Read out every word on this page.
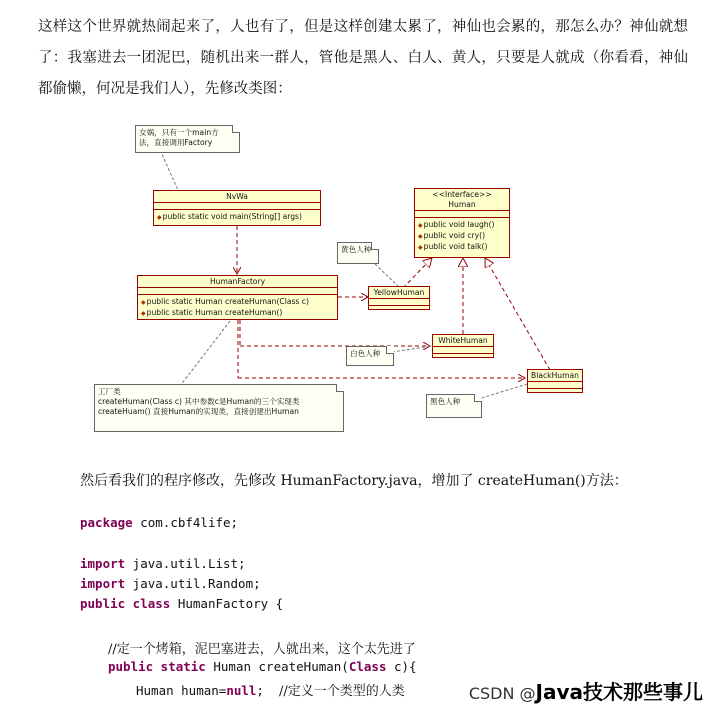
这样这个世界就热闹起来了，人也有了，但是这样创建太累了，神仙也会累的，那怎么办？神仙就想了：我塞进去一团泥巴，随机出来一群人，管他是黑人、白人、黄人，只要是人就成（你看看，神仙都偷懒，何况是我们人），先修改类图：
女娲，只有一个main方
法，直接调用Factory
NvWa
◆ public static void main(String[] args)
<<Interface>>
Human
◆ public void laugh()
◆ public void cry()
◆ public void talk()
HumanFactory
◆ public static Human createHuman(Class c)
◆ public static Human createHuman()
黄色人种
YellowHuman
WhiteHuman
白色人种
BlackHuman
黑色人种
工厂类
createHuman(Class c) 其中参数c是Human的三个实现类
createHuam() 直接Human的实现类，直接创建出Human
然后看我们的程序修改，先修改 HumanFactory.java，增加了 createHuman()方法：
package com.cbf4life;
import java.util.List;
import java.util.Random;
public class HumanFactory {
//定一个烤箱，泥巴塞进去，人就出来，这个太先进了
public static Human createHuman(Class c){
Human human=null;  //定义一个类型的人类	CSDN @Java技术那些事儿
